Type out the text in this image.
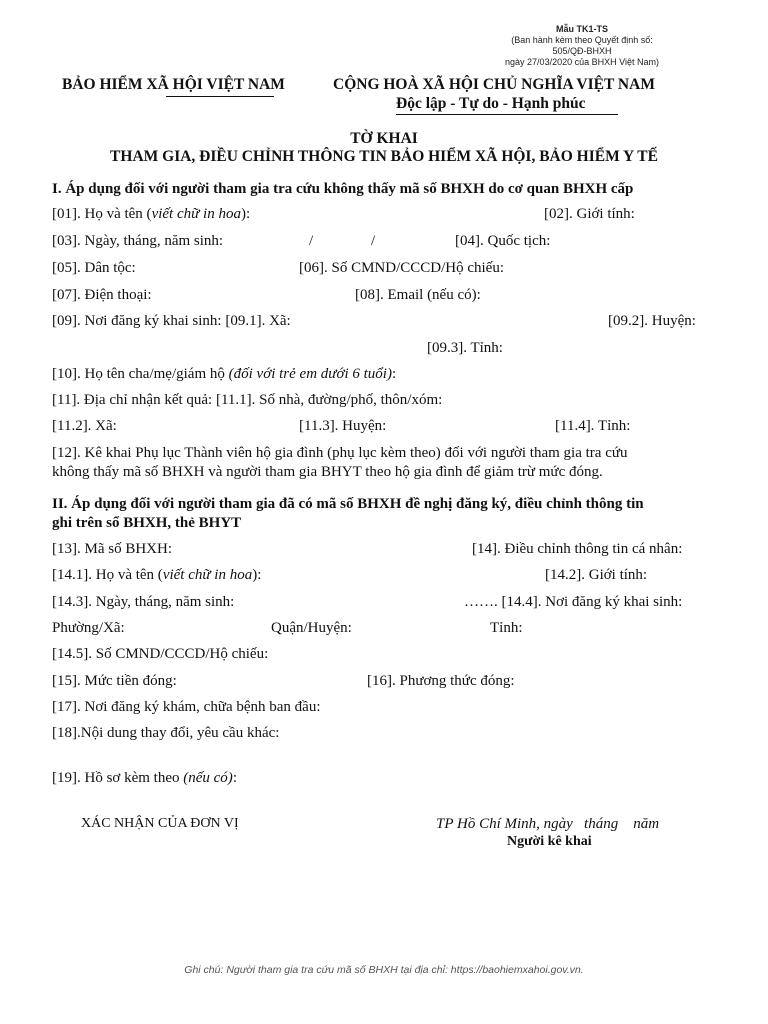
Mẫu TK1-TS
(Ban hành kèm theo Quyết định số:
505/QĐ-BHXH
ngày 27/03/2020 của BHXH Việt Nam)
BẢO HIỂM XÃ HỘI VIỆT NAM	CỘNG HOÀ XÃ HỘI CHỦ NGHĨA VIỆT NAM
Độc lập - Tự do - Hạnh phúc
TỜ KHAI
THAM GIA, ĐIỀU CHỈNH THÔNG TIN BẢO HIỂM XÃ HỘI, BẢO HIỂM Y TẾ
I. Áp dụng đối với người tham gia tra cứu không thấy mã số BHXH do cơ quan BHXH cấp
[01]. Họ và tên (viết chữ in hoa):	[02]. Giới tính:
[03]. Ngày, tháng, năm sinh:	/	/	[04]. Quốc tịch:
[05]. Dân tộc:	[06]. Số CMND/CCCD/Hộ chiếu:
[07]. Điện thoại:	[08]. Email (nếu có):
[09]. Nơi đăng ký khai sinh: [09.1]. Xã:	[09.2]. Huyện:
[09.3]. Tỉnh:
[10]. Họ tên cha/mẹ/giám hộ (đối với trẻ em dưới 6 tuổi):
[11]. Địa chỉ nhận kết quả: [11.1]. Số nhà, đường/phố, thôn/xóm:
[11.2]. Xã:	[11.3]. Huyện:	[11.4]. Tỉnh:
[12]. Kê khai Phụ lục Thành viên hộ gia đình (phụ lục kèm theo) đối với người tham gia tra cứu
không thấy mã số BHXH và người tham gia BHYT theo hộ gia đình để giảm trừ mức đóng.
II. Áp dụng đối với người tham gia đã có mã số BHXH đề nghị đăng ký, điều chỉnh thông tin
ghi trên sổ BHXH, thẻ BHYT
[13]. Mã số BHXH:	[14]. Điều chỉnh thông tin cá nhân:
[14.1]. Họ và tên (viết chữ in hoa):	[14.2]. Giới tính:
[14.3]. Ngày, tháng, năm sinh:	……. [14.4]. Nơi đăng ký khai sinh:
Phường/Xã:	Quận/Huyện:	Tỉnh:
[14.5]. Số CMND/CCCD/Hộ chiếu:
[15]. Mức tiền đóng:	[16]. Phương thức đóng:
[17]. Nơi đăng ký khám, chữa bệnh ban đầu:
[18].Nội dung thay đổi, yêu cầu khác:
[19]. Hồ sơ kèm theo (nếu có):
XÁC NHẬN CỦA ĐƠN VỊ	TP Hồ Chí Minh, ngày   tháng    năm
Người kê khai
Ghi chú: Người tham gia tra cứu mã số BHXH tại địa chỉ: https://baohiemxahoi.gov.vn.
